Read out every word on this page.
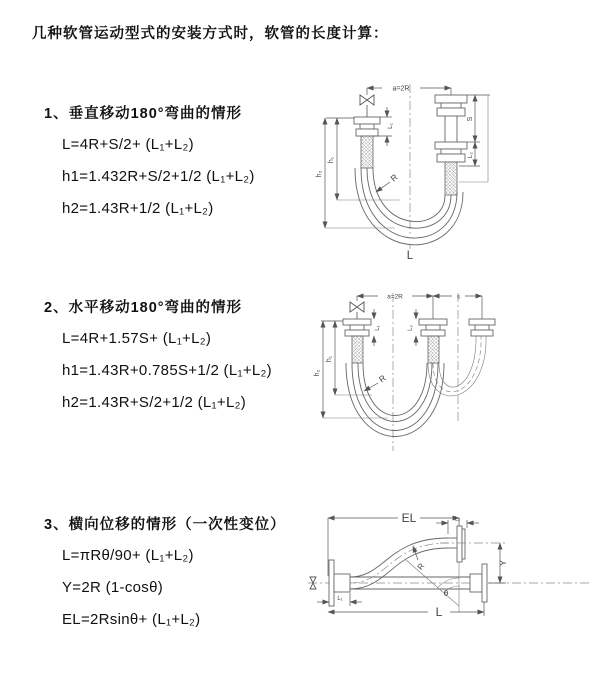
几种软管运动型式的安装方式时，软管的长度计算：
1、垂直移动180°弯曲的情形
L=4R+S/2+ (L₁+L₂)
h1=1.432R+S/2+1/2 (L₁+L₂)
h2=1.43R+1/2 (L₁+L₂)
2、水平移动180°弯曲的情形
L=4R+1.57S+ (L₁+L₂)
h1=1.43R+0.785S+1/2 (L₁+L₂)
h2=1.43R+S/2+1/2 (L₁+L₂)
3、横向位移的情形（一次性变位）
L=πRθ/90+ (L₁+L₂)
Y=2R (1-cosθ)
EL=2Rsinθ+ (L₁+L₂)
a=2R
h₁
h₂
L₁
S
L₂
R
L
a=2R	s
h₁
h₂
L₁	L₂
R
EL	L₂
Y
θ
R
L
L₁
